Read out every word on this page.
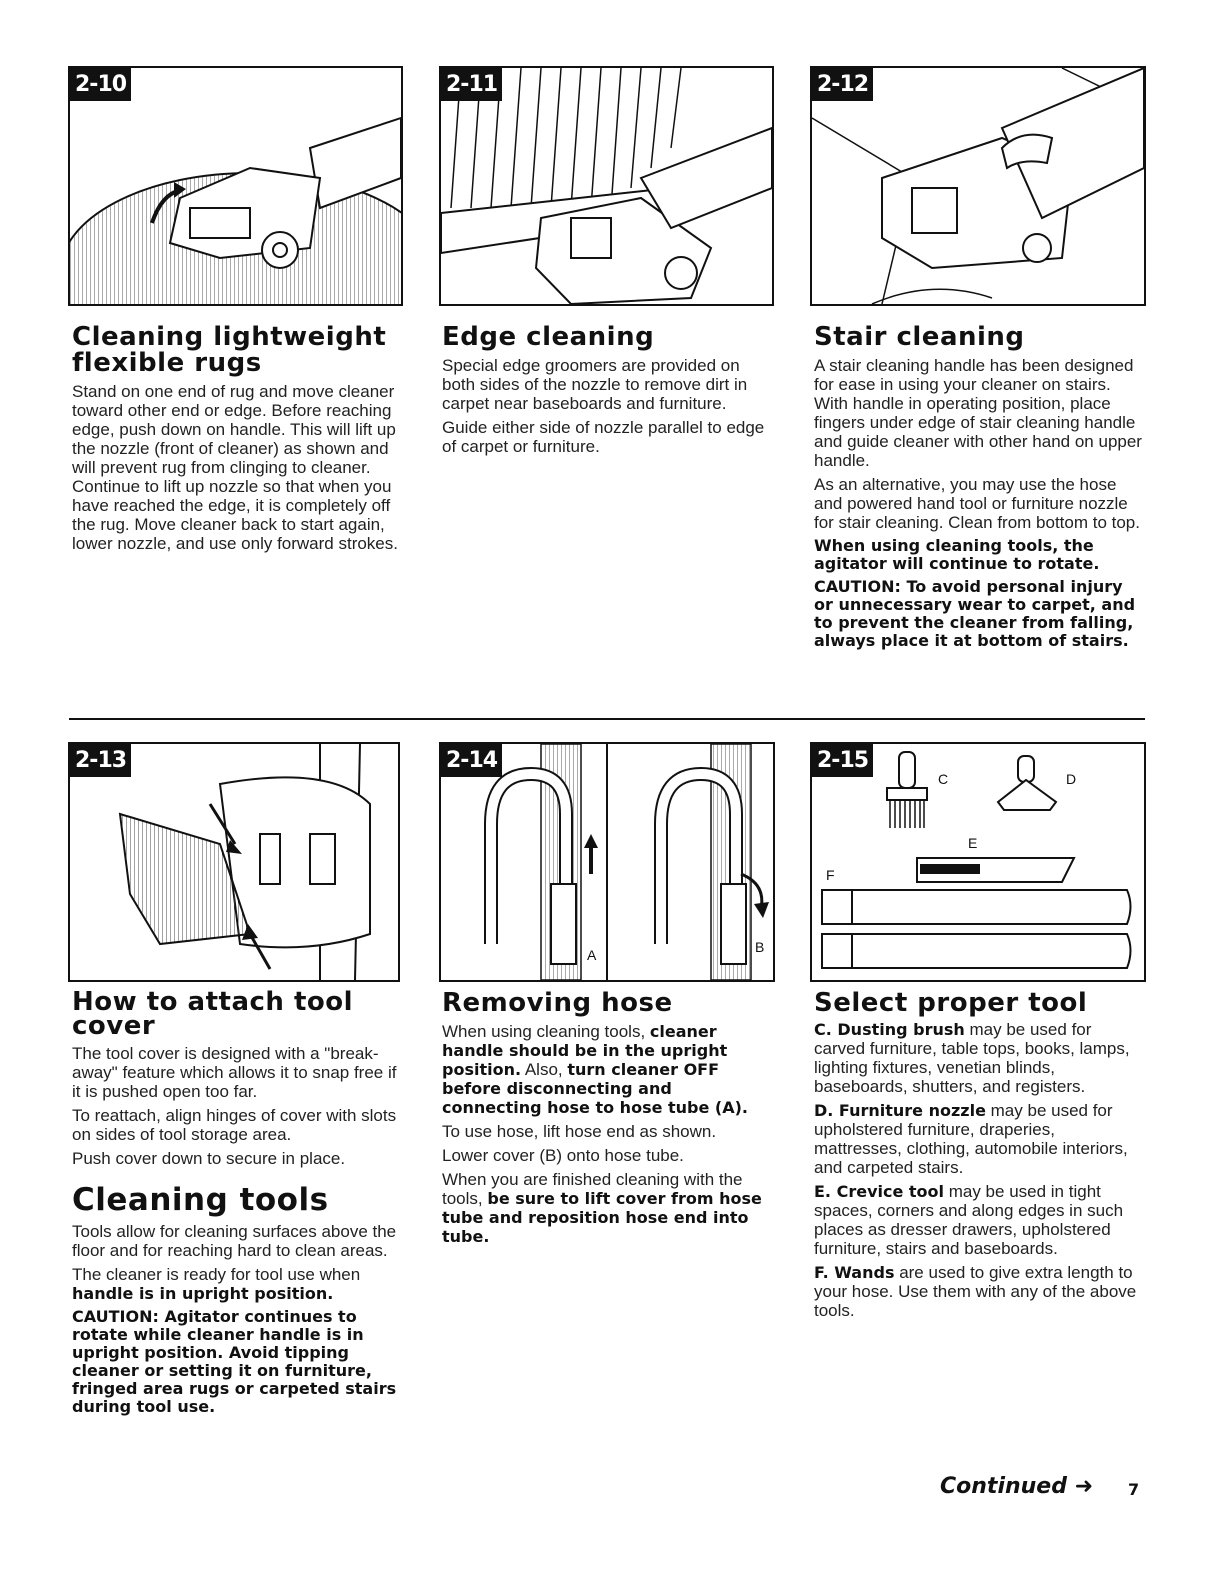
2-10	2-11	2-12
Cleaning lightweight flexible rugs

Stand on one end of rug and move cleaner toward other end or edge. Before reaching edge, push down on handle. This will lift up the nozzle (front of cleaner) as shown and will prevent rug from clinging to cleaner. Continue to lift up nozzle so that when you have reached the edge, it is completely off the rug. Move cleaner back to start again, lower nozzle, and use only forward strokes.

Edge cleaning

Special edge groomers are provided on both sides of the nozzle to remove dirt in carpet near baseboards and furniture.

Guide either side of nozzle parallel to edge of carpet or furniture.

Stair cleaning

A stair cleaning handle has been designed for ease in using your cleaner on stairs. With handle in operating position, place fingers under edge of stair cleaning handle and guide cleaner with other hand on upper handle.

As an alternative, you may use the hose and powered hand tool or furniture nozzle for stair cleaning. Clean from bottom to top.

When using cleaning tools, the agitator will continue to rotate.

CAUTION: To avoid personal injury or unnecessary wear to carpet, and to prevent the cleaner from falling, always place it at bottom of stairs.

2-13	2-14
A	B
2-15
C	D
E
F
How to attach tool cover

The tool cover is designed with a "break-away" feature which allows it to snap free if it is pushed open too far.

To reattach, align hinges of cover with slots on sides of tool storage area.

Push cover down to secure in place.

Cleaning tools

Tools allow for cleaning surfaces above the floor and for reaching hard to clean areas.

The cleaner is ready for tool use when handle is in upright position.

CAUTION: Agitator continues to rotate while cleaner handle is in upright position. Avoid tipping cleaner or setting it on furniture, fringed area rugs or carpeted stairs during tool use.

Removing hose

When using cleaning tools, cleaner handle should be in the upright position. Also, turn cleaner OFF before disconnecting and connecting hose to hose tube (A).

To use hose, lift hose end as shown.

Lower cover (B) onto hose tube.

When you are finished cleaning with the tools, be sure to lift cover from hose tube and reposition hose end into tube.

Select proper tool

C. Dusting brush may be used for carved furniture, table tops, books, lamps, lighting fixtures, venetian blinds, baseboards, shutters, and registers.

D. Furniture nozzle may be used for upholstered furniture, draperies, mattresses, clothing, automobile interiors, and carpeted stairs.

E. Crevice tool may be used in tight spaces, corners and along edges in such places as dresser drawers, upholstered furniture, stairs and baseboards.

F. Wands are used to give extra length to your hose. Use them with any of the above tools.

Continued ➜ 7
